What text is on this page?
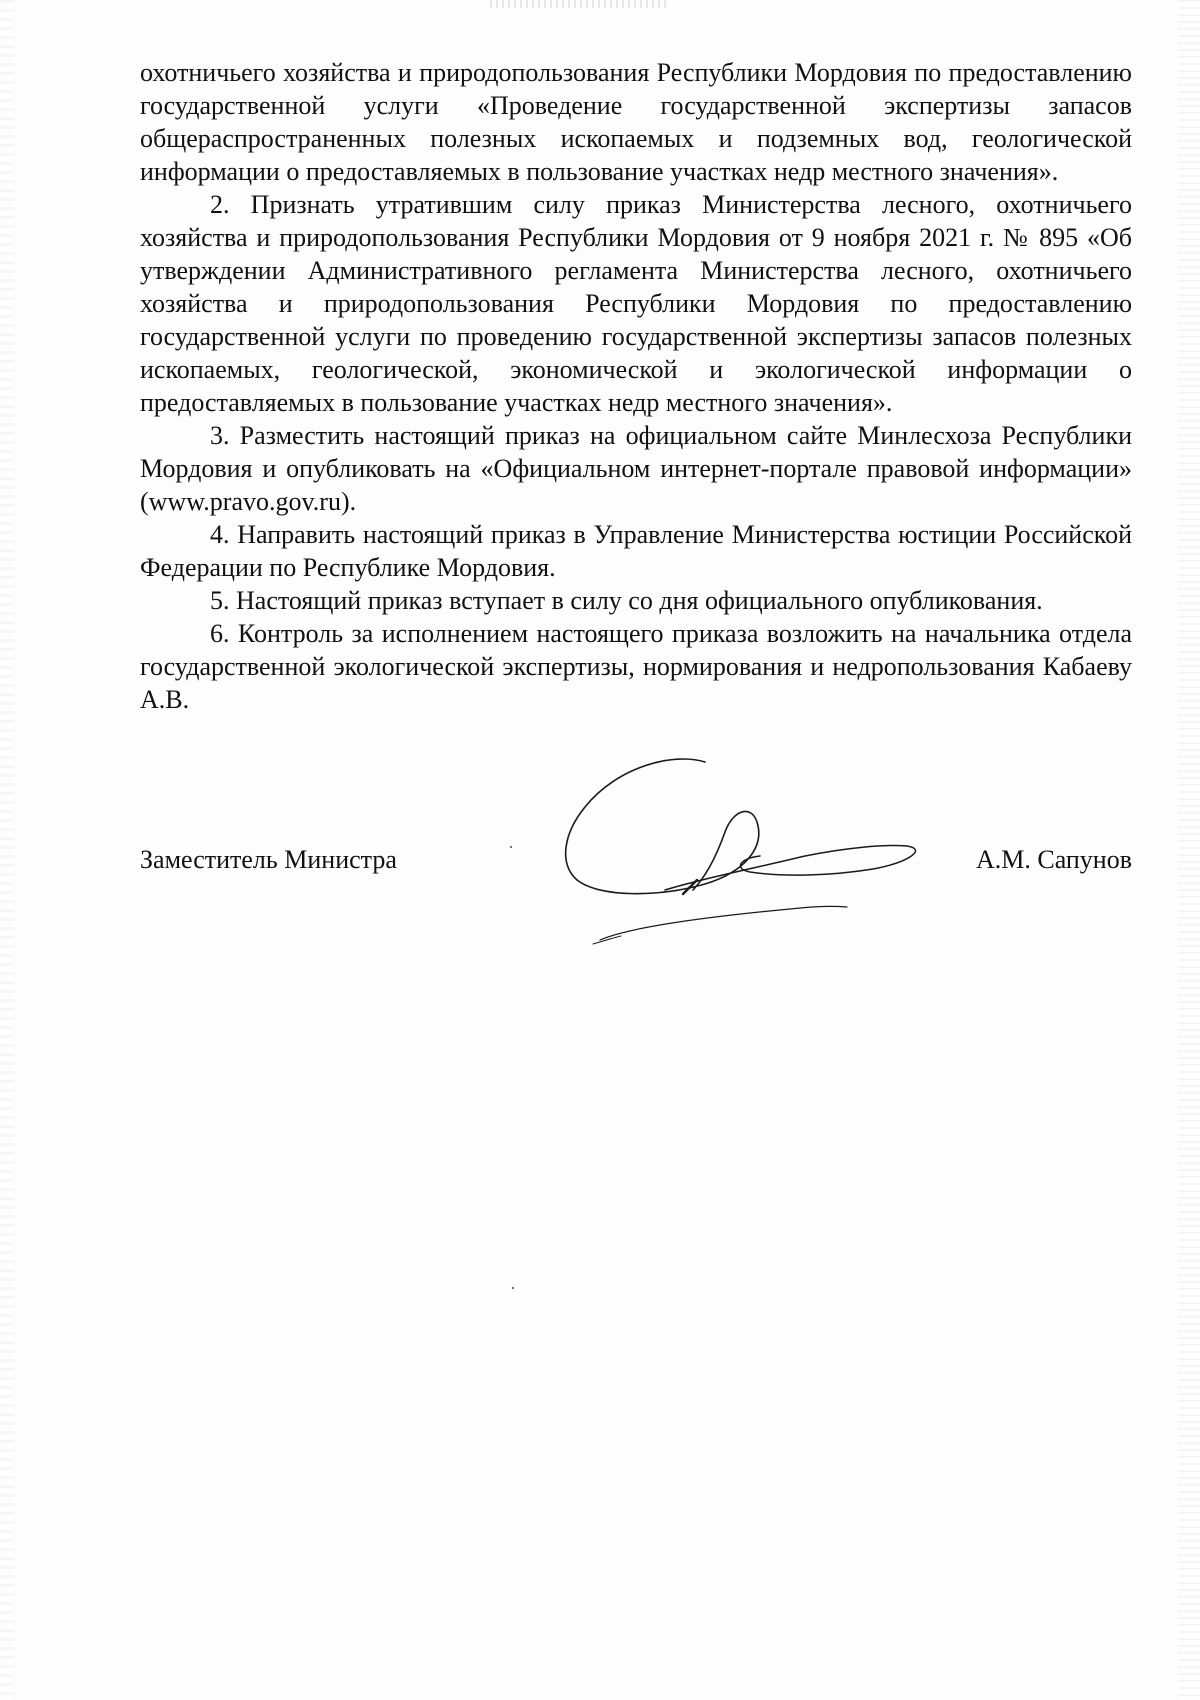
охотничьего хозяйства и природопользования Республики Мордовия по предоставлению государственной услуги «Проведение государственной экспертизы запасов общераспространенных полезных ископаемых и подземных вод, геологической информации о предоставляемых в пользование участках недр местного значения».

2. Признать утратившим силу приказ Министерства лесного, охотничьего хозяйства и природопользования Республики Мордовия от 9 ноября 2021 г. № 895 «Об утверждении Административного регламента Министерства лесного, охотничьего хозяйства и природопользования Республики Мордовия по предоставлению государственной услуги по проведению государственной экспертизы запасов полезных ископаемых, геологической, экономической и экологической информации о предоставляемых в пользование участках недр местного значения».

3. Разместить настоящий приказ на официальном сайте Минлесхоза Республики Мордовия и опубликовать на «Официальном интернет-портале правовой информации» (www.pravo.gov.ru).

4. Направить настоящий приказ в Управление Министерства юстиции Российской Федерации по Республике Мордовия.

5. Настоящий приказ вступает в силу со дня официального опубликования.

6. Контроль за исполнением настоящего приказа возложить на начальника отдела государственной экологической экспертизы, нормирования и недропользования Кабаеву А.В.

Заместитель Министра	А.М. Сапунов
